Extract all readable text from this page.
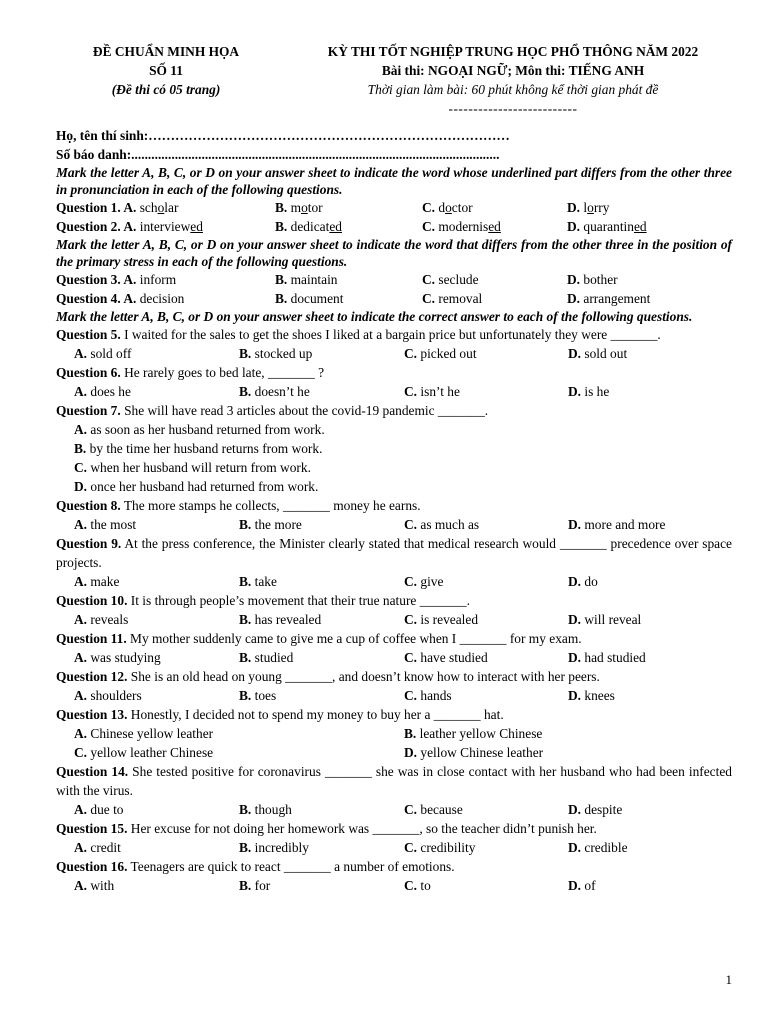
ĐỀ CHUẨN MINH HỌA
SỐ 11
(Đề thi có 05 trang)
KỲ THI TỐT NGHIỆP TRUNG HỌC PHỔ THÔNG NĂM 2022
Bài thi: NGOẠI NGỮ; Môn thi: TIẾNG ANH
Thời gian làm bài: 60 phút không kể thời gian phát đề
--------------------------
Họ, tên thí sinh:………………………………………………………………………
Số báo danh:..............................................................................................................
Mark the letter A, B, C, or D on your answer sheet to indicate the word whose underlined part differs from the other three in pronunciation in each of the following questions.
Question 1. A. scholar	B. motor	C. doctor	D. lorry
Question 2. A. interviewed	B. dedicated	C. modernised	D. quarantined
Mark the letter A, B, C, or D on your answer sheet to indicate the word that differs from the other three in the position of the primary stress in each of the following questions.
Question 3. A. inform	B. maintain	C. seclude	D. bother
Question 4. A. decision	B. document	C. removal	D. arrangement
Mark the letter A, B, C, or D on your answer sheet to indicate the correct answer to each of the following questions.
Question 5. I waited for the sales to get the shoes I liked at a bargain price but unfortunately they were _______.
A. sold off	B. stocked up	C. picked out	D. sold out
Question 6. He rarely goes to bed late, _______ ?
A. does he	B. doesn’t he	C. isn’t he	D. is he
Question 7. She will have read 3 articles about the covid-19 pandemic _______.
A. as soon as her husband returned from work.
B. by the time her husband returns from work.
C. when her husband will return from work.
D. once her husband had returned from work.
Question 8. The more stamps he collects, _______ money he earns.
A. the most	B. the more	C. as much as	D. more and more
Question 9. At the press conference, the Minister clearly stated that medical research would _______ precedence over space projects.
A. make	B. take	C. give	D. do
Question 10. It is through people’s movement that their true nature _______.
A. reveals	B. has revealed	C. is revealed	D. will reveal
Question 11. My mother suddenly came to give me a cup of coffee when I _______ for my exam.
A. was studying	B. studied	C. have studied	D. had studied
Question 12. She is an old head on young _______, and doesn’t know how to interact with her peers.
A. shoulders	B. toes	C. hands	D. knees
Question 13. Honestly, I decided not to spend my money to buy her a _______ hat.
A. Chinese yellow leather	B. leather yellow Chinese
C. yellow leather Chinese	D. yellow Chinese leather
Question 14. She tested positive for coronavirus _______ she was in close contact with her husband who had been infected with the virus.
A. due to	B. though	C. because	D. despite
Question 15. Her excuse for not doing her homework was _______, so the teacher didn’t punish her.
A. credit	B. incredibly	C. credibility	D. credible
Question 16. Teenagers are quick to react _______ a number of emotions.
A. with	B. for	C. to	D. of
1
